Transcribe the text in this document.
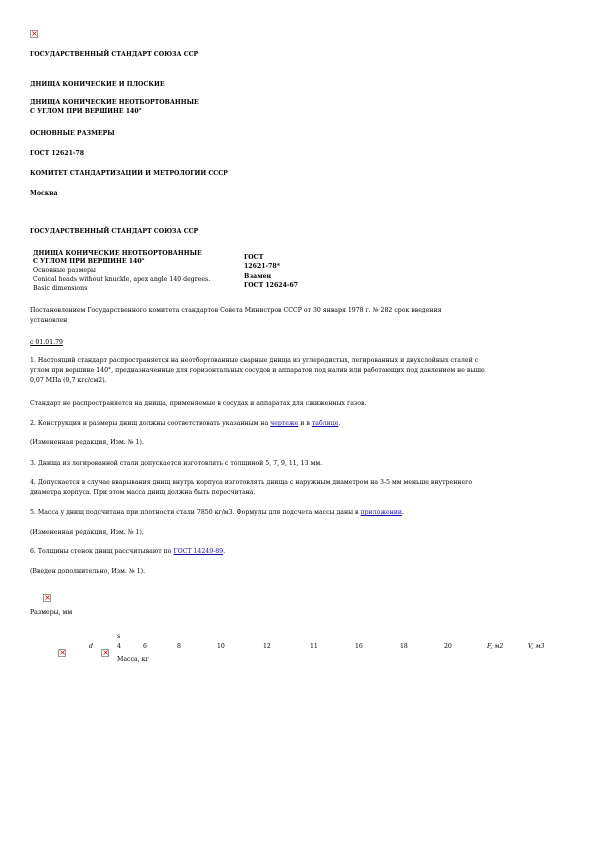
×
ГОСУДАРСТВЕННЫЙ СТАНДАРТ СОЮЗА ССР
ДНИЩА КОНИЧЕСКИЕ И ПЛОСКИЕ
ДНИЩА КОНИЧЕСКИЕ НЕОТБОРТОВАННЫЕ
С УГЛОМ ПРИ ВЕРШИНЕ 140°
ОСНОВНЫЕ РАЗМЕРЫ
ГОСТ 12621-78
КОМИТЕТ СТАНДАРТИЗАЦИИ И МЕТРОЛОГИИ СССР
Москва
ГОСУДАРСТВЕННЫЙ СТАНДАРТ СОЮЗА ССР
ДНИЩА КОНИЧЕСКИЕ НЕОТБОРТОВАННЫЕ
С УГЛОМ ПРИ ВЕРШИНЕ 140°
Основные размеры
Conical heads without knuckle, apex angle 140 degrees.
Basic dimensions
ГОСТ
12621-78*
Взамен
ГОСТ 12624-67
Постановлением Государственного комитета стандартов Совета Министров СССР от 30 января 1978 г. № 282 срок введения
установлен
с 01.01.79
1. Настоящий стандарт распространяется на неотбортованные сварные днища из углеродистых, легированных и двухслойных сталей с
углом при вершине 140°, предназначенные для горизонтальных сосудов и аппаратов под налив или работающих под давлением не выше
0,07 МПа (0,7 кгс/см2).
Стандарт не распространяется на днища, применяемые в сосудах и аппаратах для сжиженных газов.
2. Конструкция и размеры днищ должны соответствовать указанным на чертеже и в таблице.
(Измененная редакция, Изм. № 1).
3. Днища из легированной стали допускается изготовлять с толщиной 5, 7, 9, 11, 13 мм.
4. Допускается в случае вварывания днищ внутрь корпуса изготовлять днища с наружным диаметром на 3-5 мм меньше внутреннего
диаметра корпуса. При этом масса днищ должна быть пересчитана.
5. Масса у днищ подсчитана при плотности стали 7850 кг/м3. Формулы для подсчета массы даны в приложении.
(Измененная редакция, Изм. № 1).
6. Толщины стенок днищ рассчитывают по ГОСТ 14249-89.
(Введен дополнительно, Изм. № 1).
×
Размеры, мм
× ×
d
s
4	6	8	10	12	11	16	18	20	F, м2	V, м3
Масса, кг
